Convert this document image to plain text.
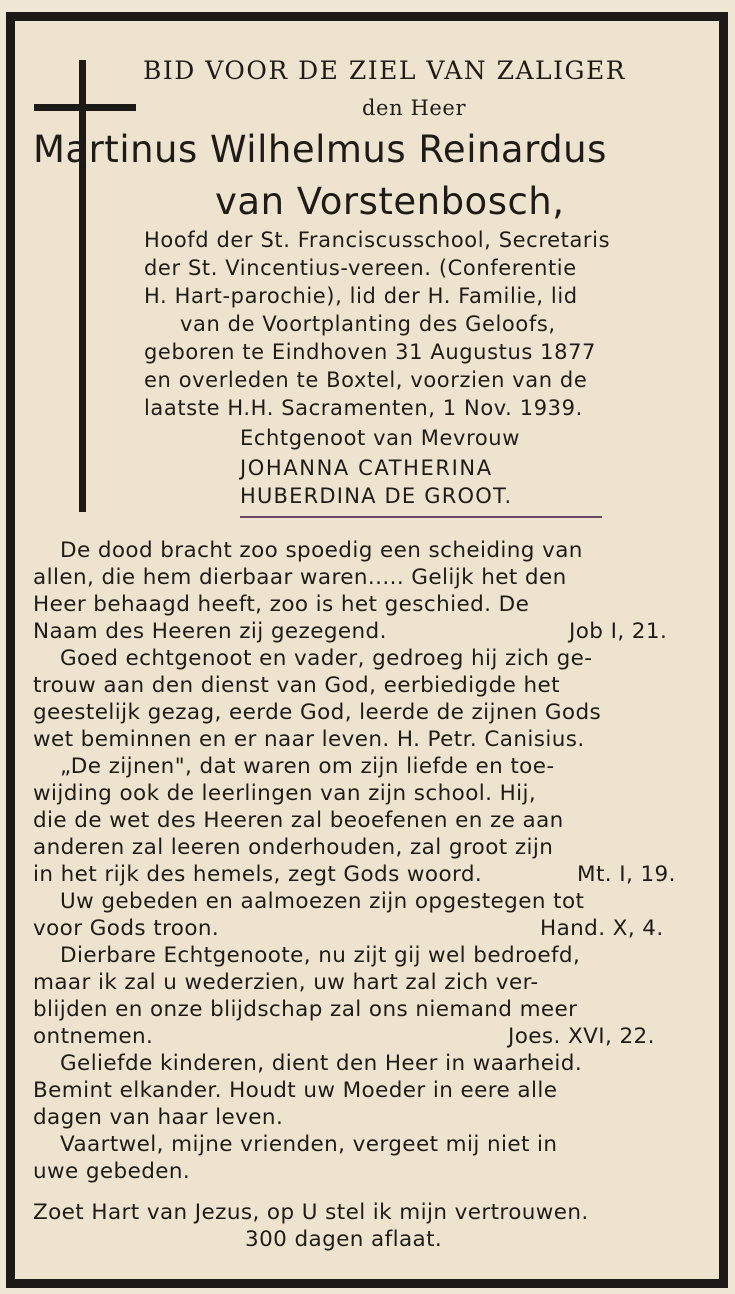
BID VOOR DE ZIEL VAN ZALIGER
den Heer
Martinus Wilhelmus Reinardus
van Vorstenbosch,
Hoofd der St. Franciscusschool, Secretaris
der St. Vincentius-vereen. (Conferentie
H. Hart-parochie), lid der H. Familie, lid
van de Voortplanting des Geloofs,
geboren te Eindhoven 31 Augustus 1877
en overleden te Boxtel, voorzien van de
laatste H.H. Sacramenten, 1 Nov. 1939.
Echtgenoot van Mevrouw
JOHANNA CATHERINA
HUBERDINA DE GROOT.
De dood bracht zoo spoedig een scheiding van
allen, die hem dierbaar waren..... Gelijk het den
Heer behaagd heeft, zoo is het geschied. De
Naam des Heeren zij gezegend.	Job I, 21.
Goed echtgenoot en vader, gedroeg hij zich ge-
trouw aan den dienst van God, eerbiedigde het
geestelijk gezag, eerde God, leerde de zijnen Gods
wet beminnen en er naar leven. H. Petr. Canisius.
„De zijnen", dat waren om zijn liefde en toe-
wijding ook de leerlingen van zijn school. Hij,
die de wet des Heeren zal beoefenen en ze aan
anderen zal leeren onderhouden, zal groot zijn
in het rijk des hemels, zegt Gods woord.	Mt. I, 19.
Uw gebeden en aalmoezen zijn opgestegen tot
voor Gods troon.	Hand. X, 4.
Dierbare Echtgenoote, nu zijt gij wel bedroefd,
maar ik zal u wederzien, uw hart zal zich ver-
blijden en onze blijdschap zal ons niemand meer
ontnemen.	Joes. XVI, 22.
Geliefde kinderen, dient den Heer in waarheid.
Bemint elkander. Houdt uw Moeder in eere alle
dagen van haar leven.
Vaartwel, mijne vrienden, vergeet mij niet in
uwe gebeden.
Zoet Hart van Jezus, op U stel ik mijn vertrouwen.
300 dagen aflaat.
